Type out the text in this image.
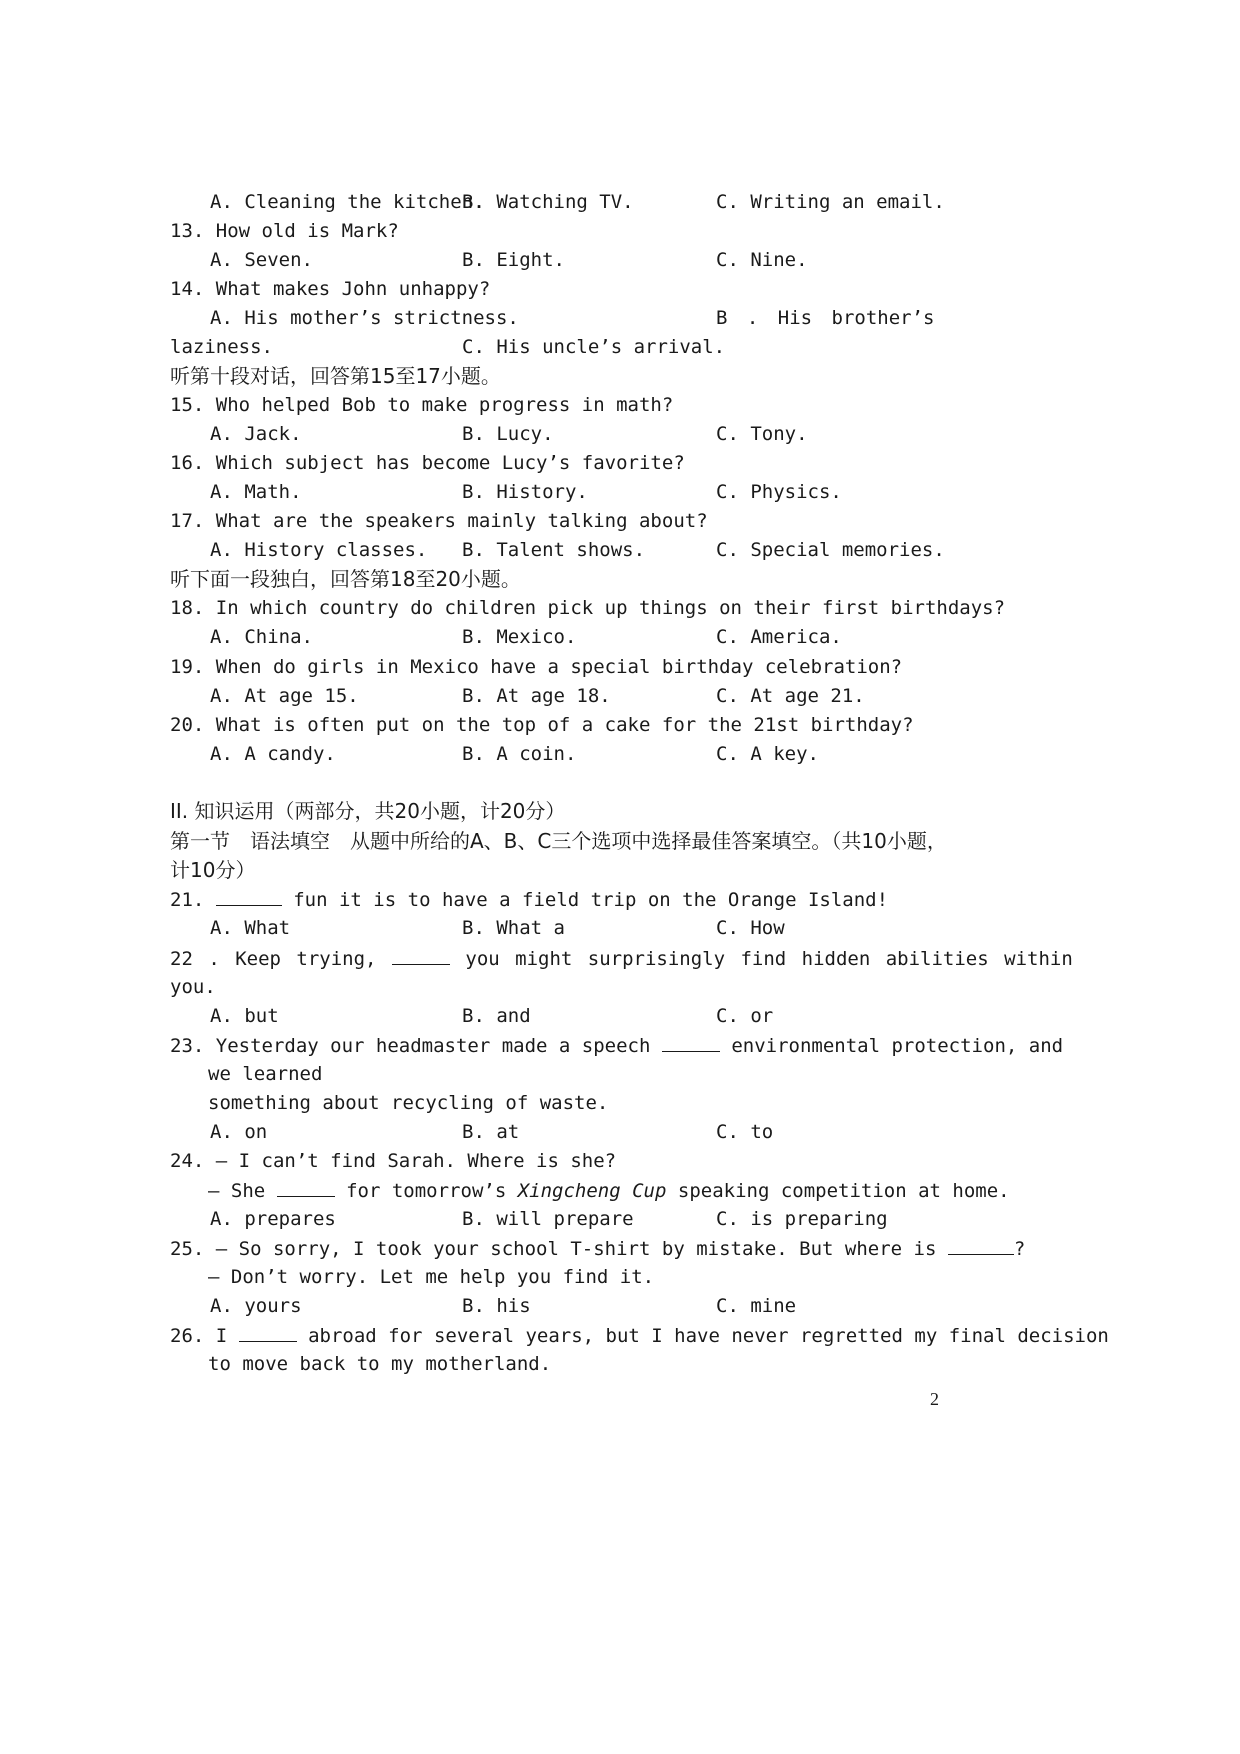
A. Cleaning the kitchen.
B. Watching TV.	C. Writing an email.
13. How old is Mark?
A. Seven.	B. Eight.	C. Nine.
14. What makes John unhappy?
A. His mother’s strictness.	B . His brother’s
laziness.	C. His uncle’s arrival.
听第十段对话，回答第15至17小题。
15. Who helped Bob to make progress in math?
A. Jack.	B. Lucy.	C. Tony.
16. Which subject has become Lucy’s favorite?
A. Math.	B. History.	C. Physics.
17. What are the speakers mainly talking about?
A. History classes. B. Talent shows.	C. Special memories.
听下面一段独白，回答第18至20小题。
18. In which country do children pick up things on their first birthdays?
A. China.	B. Mexico.	C. America.
19. When do girls in Mexico have a special birthday celebration?
A. At age 15.	B. At age 18.	C. At age 21.
20. What is often put on the top of a cake for the 21st birthday?
A. A candy.	B. A coin.	C. A key.
II. 知识运用（两部分，共20小题，计20分）
第一节　语法填空　从题中所给的A、B、C三个选项中选择最佳答案填空。（共10小题，
计10分）
21.	fun it is to have a field trip on the Orange Island!
A. What	B. What a	C. How
22 . Keep trying,	you might surprisingly find hidden abilities within
you.
A. but	B. and	C. or
23. Yesterday our headmaster made a speech	environmental protection, and
we learned
something about recycling of waste.
A. on	B. at	C. to
24. — I can’t find Sarah. Where is she?
— She	for tomorrow’s Xingcheng Cup speaking competition at home.
A. prepares	B. will prepare	C. is preparing
25. — So sorry, I took your school T-shirt by mistake. But where is	?
— Don’t worry. Let me help you find it.
A. yours	B. his	C. mine
26. I	abroad for several years, but I have never regretted my final decision
to move back to my motherland.
2
